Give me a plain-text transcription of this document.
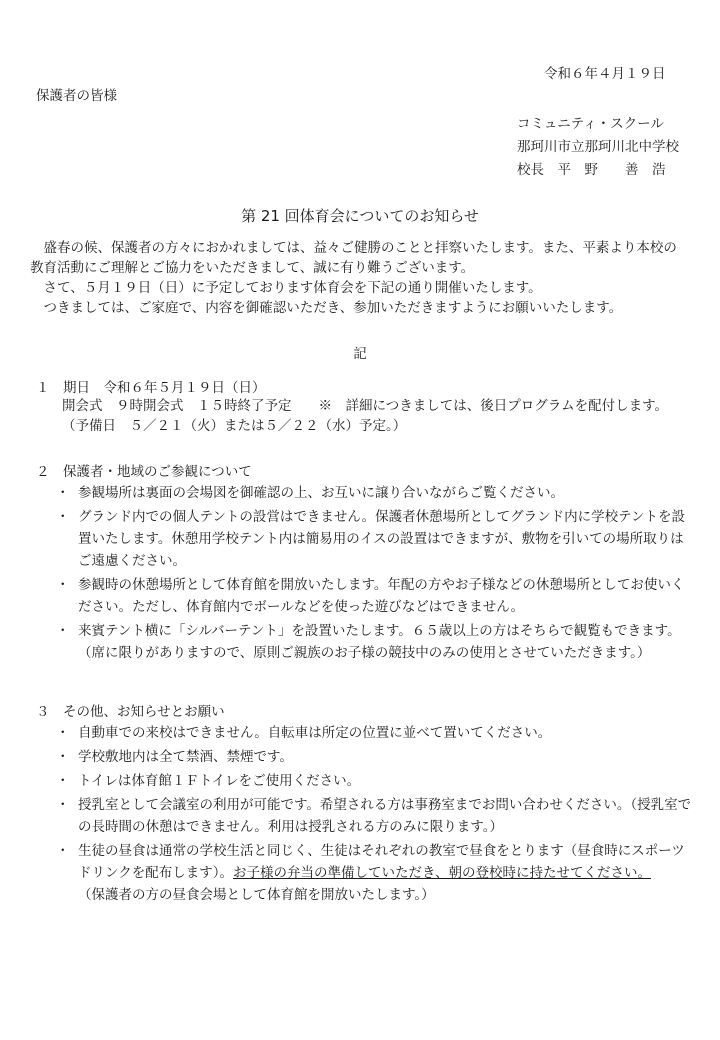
令和６年４月１９日
保護者の皆様
コミュニティ・スクール
那珂川市立那珂川北中学校
校長　平　野　　善　浩
第 21 回体育会についてのお知らせ

　盛春の候、保護者の方々におかれましては、益々ご健勝のことと拝察いたします。また、平素より本校の教育活動にご理解とご協力をいただきまして、誠に有り難うございます。

　さて、５月１９日（日）に予定しております体育会を下記の通り開催いたします。

　つきましては、ご家庭で、内容を御確認いただき、参加いただきますようにお願いいたします。

記
１　期日　令和６年５月１９日（日）
開会式　９時開会式　１５時終了予定　　※　詳細につきましては、後日プログラムを配付します。
（予備日　５／２１（火）または５／２２（水）予定。）
２　保護者・地域のご参観について
・ 参観場所は裏面の会場図を御確認の上、お互いに譲り合いながらご覧ください。
・ グランド内での個人テントの設営はできません。保護者休憩場所としてグランド内に学校テントを設置いたします。休憩用学校テント内は簡易用のイスの設置はできますが、敷物を引いての場所取りはご遠慮ください。
・ 参観時の休憩場所として体育館を開放いたします。年配の方やお子様などの休憩場所としてお使いください。ただし、体育館内でボールなどを使った遊びなどはできません。
・ 来賓テント横に「シルバーテント」を設置いたします。６５歳以上の方はそちらで観覧もできます。（席に限りがありますので、原則ご親族のお子様の競技中のみの使用とさせていただきます。）
３　その他、お知らせとお願い
・ 自動車での来校はできません。自転車は所定の位置に並べて置いてください。
・ 学校敷地内は全て禁酒、禁煙です。
・ トイレは体育館１Ｆトイレをご使用ください。
・ 授乳室として会議室の利用が可能です。希望される方は事務室までお問い合わせください。（授乳室での長時間の休憩はできません。利用は授乳される方のみに限ります。）
・ 生徒の昼食は通常の学校生活と同じく、生徒はそれぞれの教室で昼食をとります（昼食時にスポーツドリンクを配布します）。お子様の弁当の準備していただき、朝の登校時に持たせてください。
（保護者の方の昼食会場として体育館を開放いたします。）
